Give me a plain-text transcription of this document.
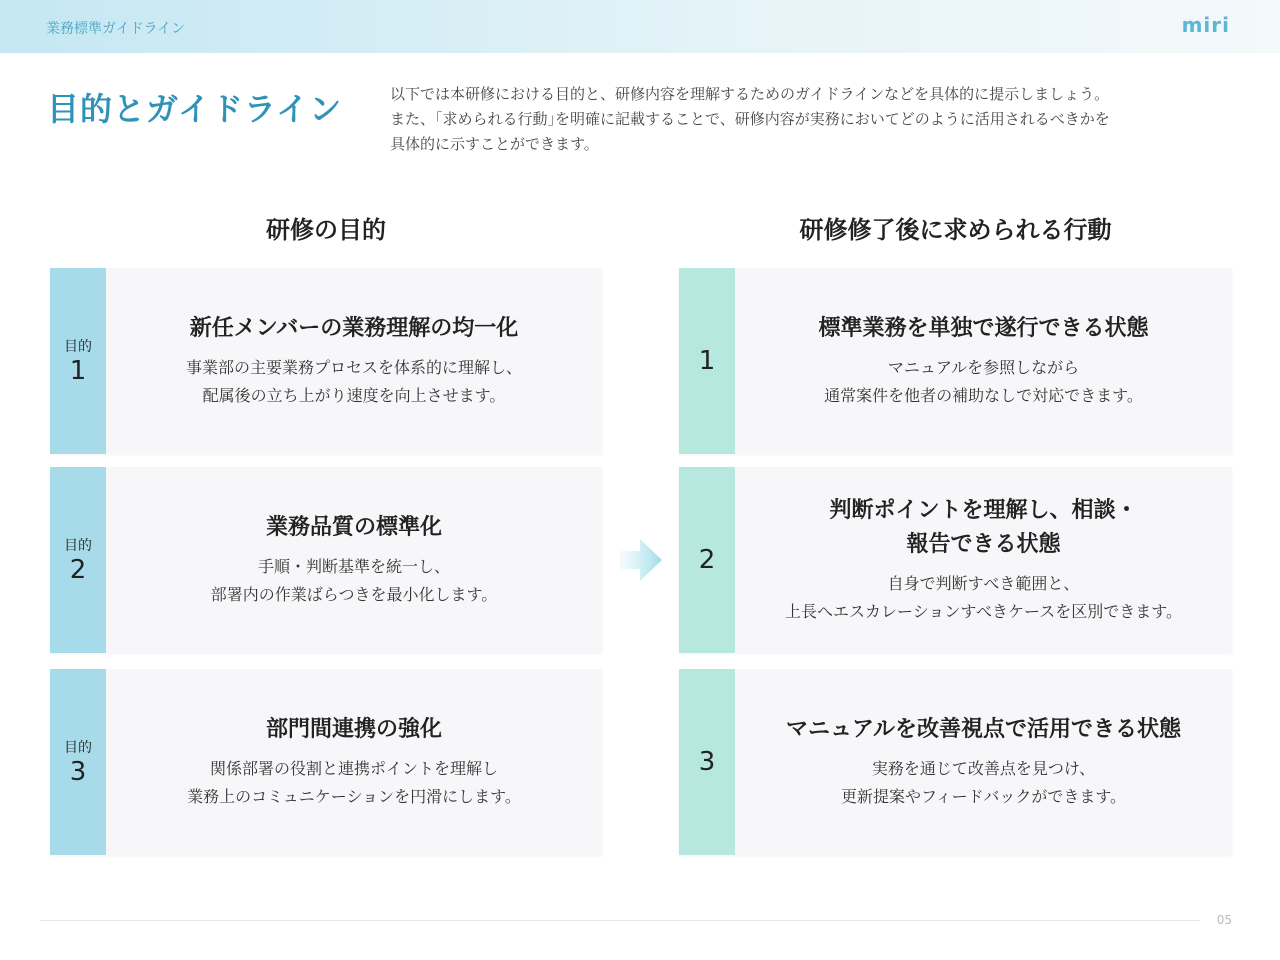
業務標準ガイドライン	miri
目的とガイドライン	以下では本研修における目的と、研修内容を理解するためのガイドラインなどを具体的に提示しましょう。
また、｢求められる行動｣を明確に記載することで、研修内容が実務においてどのように活用されるべきかを
具体的に示すことができます。
研修の目的	研修修了後に求められる行動
目的
1
新任メンバーの業務理解の均一化
事業部の主要業務プロセスを体系的に理解し、
配属後の立ち上がり速度を向上させます。
目的
2
業務品質の標準化
手順・判断基準を統一し、
部署内の作業ばらつきを最小化します。
目的
3
部門間連携の強化
関係部署の役割と連携ポイントを理解し
業務上のコミュニケーションを円滑にします。
1
標準業務を単独で遂行できる状態
マニュアルを参照しながら
通常案件を他者の補助なしで対応できます。
2
判断ポイントを理解し、相談・
報告できる状態
自身で判断すべき範囲と、
上長へエスカレーションすべきケースを区別できます。
3
マニュアルを改善視点で活用できる状態
実務を通じて改善点を見つけ、
更新提案やフィードバックができます。
05
